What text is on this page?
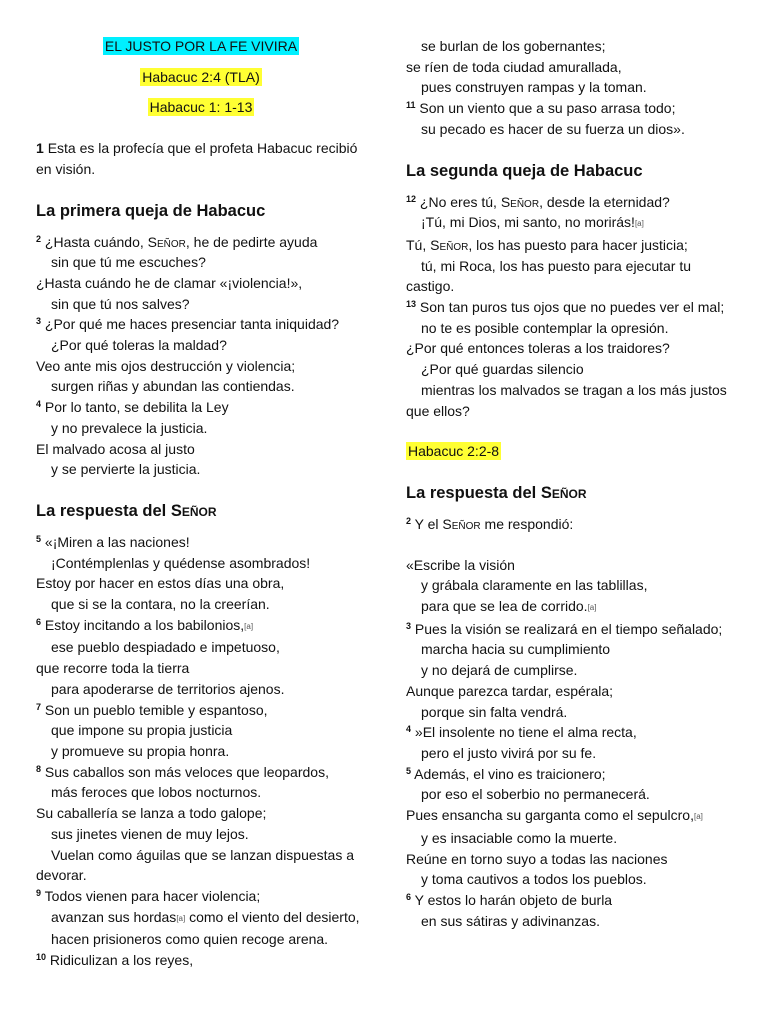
EL JUSTO POR LA FE VIVIRA
Habacuc 2:4 (TLA)
Habacuc 1: 1-13

1 Esta es la profecía que el profeta Habacuc recibió en visión.

La primera queja de Habacuc

$^2$ ¿Hasta cuándo, Señor, he de pedirte ayuda

sin que tú me escuches?

¿Hasta cuándo he de clamar «¡violencia!»,

sin que tú nos salves?

$^3$ ¿Por qué me haces presenciar tanta iniquidad?

¿Por qué toleras la maldad?

Veo ante mis ojos destrucción y violencia;

surgen riñas y abundan las contiendas.

$^4$ Por lo tanto, se debilita la Ley

y no prevalece la justicia.

El malvado acosa al justo

y se pervierte la justicia.

La respuesta del Señor

$^5$ «¡Miren a las naciones!

¡Contémplenlas y quédense asombrados!

Estoy por hacer en estos días una obra,

que si se la contara, no la creerían.

$^6$ Estoy incitando a los babilonios,[a]

ese pueblo despiadado e impetuoso,

que recorre toda la tierra

para apoderarse de territorios ajenos.

$^7$ Son un pueblo temible y espantoso,

que impone su propia justicia

y promueve su propia honra.

$^8$ Sus caballos son más veloces que leopardos,

más feroces que lobos nocturnos.

Su caballería se lanza a todo galope;

sus jinetes vienen de muy lejos.

Vuelan como águilas que se lanzan dispuestas a devorar.

$^9$ Todos vienen para hacer violencia;

avanzan sus hordas[a] como el viento del desierto,

hacen prisioneros como quien recoge arena.

$^{10}$ Ridiculizan a los reyes,

se burlan de los gobernantes;

se ríen de toda ciudad amurallada,

pues construyen rampas y la toman.

$^{11}$ Son un viento que a su paso arrasa todo;

su pecado es hacer de su fuerza un dios».

La segunda queja de Habacuc

$^{12}$ ¿No eres tú, Señor, desde la eternidad?

¡Tú, mi Dios, mi santo, no morirás![a]

Tú, Señor, los has puesto para hacer justicia;

tú, mi Roca, los has puesto para ejecutar tu castigo.

$^{13}$ Son tan puros tus ojos que no puedes ver el mal;

no te es posible contemplar la opresión.

¿Por qué entonces toleras a los traidores?

¿Por qué guardas silencio

mientras los malvados se tragan a los más justos que ellos?

Habacuc 2:2-8

La respuesta del Señor

$^2$ Y el Señor me respondió:

«Escribe la visión

y grábala claramente en las tablillas,

para que se lea de corrido.[a]

$^3$ Pues la visión se realizará en el tiempo señalado;

marcha hacia su cumplimiento

y no dejará de cumplirse.

Aunque parezca tardar, espérala;

porque sin falta vendrá.

$^4$ »El insolente no tiene el alma recta,

pero el justo vivirá por su fe.

$^5$ Además, el vino es traicionero;

por eso el soberbio no permanecerá.

Pues ensancha su garganta como el sepulcro,[a]

y es insaciable como la muerte.

Reúne en torno suyo a todas las naciones

y toma cautivos a todos los pueblos.

$^6$ Y estos lo harán objeto de burla

en sus sátiras y adivinanzas.
